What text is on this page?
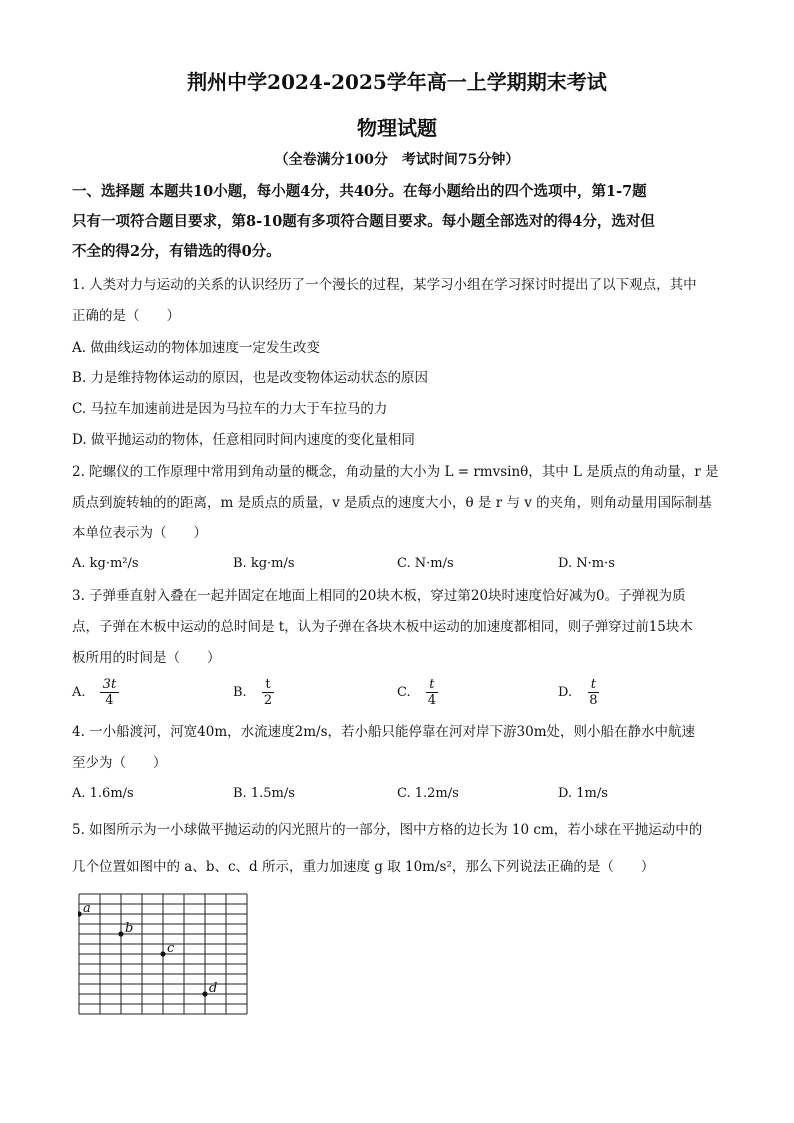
荆州中学2024-2025学年高一上学期期末考试
物理试题
（全卷满分100分　考试时间75分钟）
一、选择题 本题共10小题，每小题4分，共40分。在每小题给出的四个选项中，第1-7题
只有一项符合题目要求，第8-10题有多项符合题目要求。每小题全部选对的得4分，选对但
不全的得2分，有错选的得0分。
1. 人类对力与运动的关系的认识经历了一个漫长的过程，某学习小组在学习探讨时提出了以下观点，其中
正确的是（　　）
A. 做曲线运动的物体加速度一定发生改变
B. 力是维持物体运动的原因，也是改变物体运动状态的原因
C. 马拉车加速前进是因为马拉车的力大于车拉马的力
D. 做平抛运动的物体，任意相同时间内速度的变化量相同
2. 陀螺仪的工作原理中常用到角动量的概念，角动量的大小为 L = rmvsinθ，其中 L 是质点的角动量，r 是
质点到旋转轴的的距离，m 是质点的质量，v 是质点的速度大小，θ 是 r 与 v 的夹角，则角动量用国际制基
本单位表示为（　　）
A. kg·m²/s	B. kg·m/s	C. N·m/s	D. N·m·s
3. 子弹垂直射入叠在一起并固定在地面上相同的20块木板，穿过第20块时速度恰好减为0。子弹视为质
点，子弹在木板中运动的总时间是 t，认为子弹在各块木板中运动的加速度都相同，则子弹穿过前15块木
板所用的时间是（　　）
A. $\frac{3t}{4}$	B. $\frac{t}{2}$	C. $\frac{t}{4}$	D. $\frac{t}{8}$
4. 一小船渡河，河宽40m，水流速度2m/s，若小船只能停靠在河对岸下游30m处，则小船在静水中航速
至少为（　　）
A. 1.6m/s	B. 1.5m/s	C. 1.2m/s	D. 1m/s
5. 如图所示为一小球做平抛运动的闪光照片的一部分，图中方格的边长为 10 cm，若小球在平抛运动中的
几个位置如图中的 a、b、c、d 所示，重力加速度 g 取 10m/s²，那么下列说法正确的是（　　）
a
b
c
d
